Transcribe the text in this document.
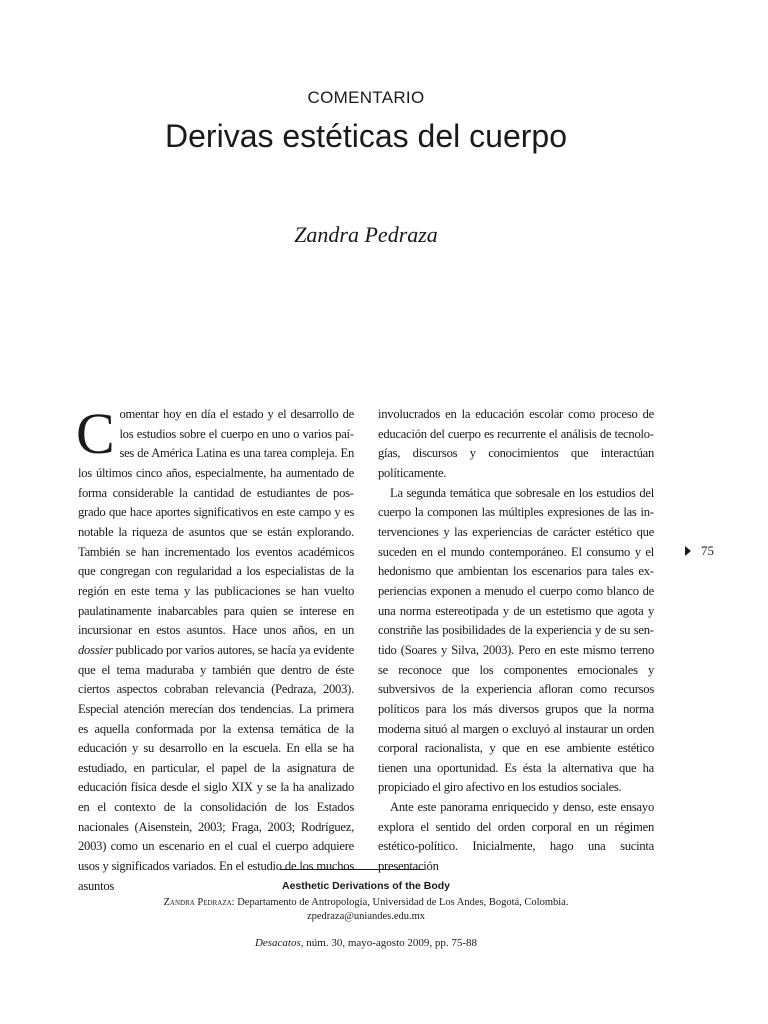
COMENTARIO
Derivas estéticas del cuerpo
Zandra Pedraza

Comentar hoy en día el estado y el desarrollo de los estudios sobre el cuerpo en uno o varios países de América Latina es una tarea compleja. En los últimos cinco años, especialmente, ha aumentado de forma considerable la cantidad de estudiantes de posgrado que hace aportes significativos en este campo y es notable la riqueza de asuntos que se están explorando. También se han incrementado los eventos académicos que congregan con regularidad a los especialistas de la región en este tema y las publicaciones se han vuelto paulatinamente inabarcables para quien se interese en incursionar en estos asuntos. Hace unos años, en un dossier publicado por varios autores, se hacía ya evidente que el tema maduraba y también que dentro de éste ciertos aspectos cobraban relevancia (Pedraza, 2003). Especial atención merecían dos tendencias. La primera es aquella conformada por la extensa temática de la educación y su desarrollo en la escuela. En ella se ha estudiado, en particular, el papel de la asignatura de educación física desde el siglo XIX y se la ha analizado en el contexto de la consolidación de los Estados nacionales (Aisenstein, 2003; Fraga, 2003; Rodríguez, 2003) como un escenario en el cual el cuerpo adquiere usos y significados variados. En el estudio de los muchos asuntos

involucrados en la educación escolar como proceso de educación del cuerpo es recurrente el análisis de tecnologías, discursos y conocimientos que interactúan políticamente.

La segunda temática que sobresale en los estudios del cuerpo la componen las múltiples expresiones de las intervenciones y las experiencias de carácter estético que suceden en el mundo contemporáneo. El consumo y el hedonismo que ambientan los escenarios para tales experiencias exponen a menudo el cuerpo como blanco de una norma estereotipada y de un estetismo que agota y constriñe las posibilidades de la experiencia y de su sentido (Soares y Silva, 2003). Pero en este mismo terreno se reconoce que los componentes emocionales y subversivos de la experiencia afloran como recursos políticos para los más diversos grupos que la norma moderna situó al margen o excluyó al instaurar un orden corporal racionalista, y que en ese ambiente estético tienen una oportunidad. Es ésta la alternativa que ha propiciado el giro afectivo en los estudios sociales.

Ante este panorama enriquecido y denso, este ensayo explora el sentido del orden corporal en un régimen estético-político. Inicialmente, hago una sucinta presentación

75
Aesthetic Derivations of the Body
Zandra Pedraza: Departamento de Antropología, Universidad de Los Andes, Bogotá, Colombia.
zpedraza@uniandes.edu.mx
Desacatos, núm. 30, mayo-agosto 2009, pp. 75-88
